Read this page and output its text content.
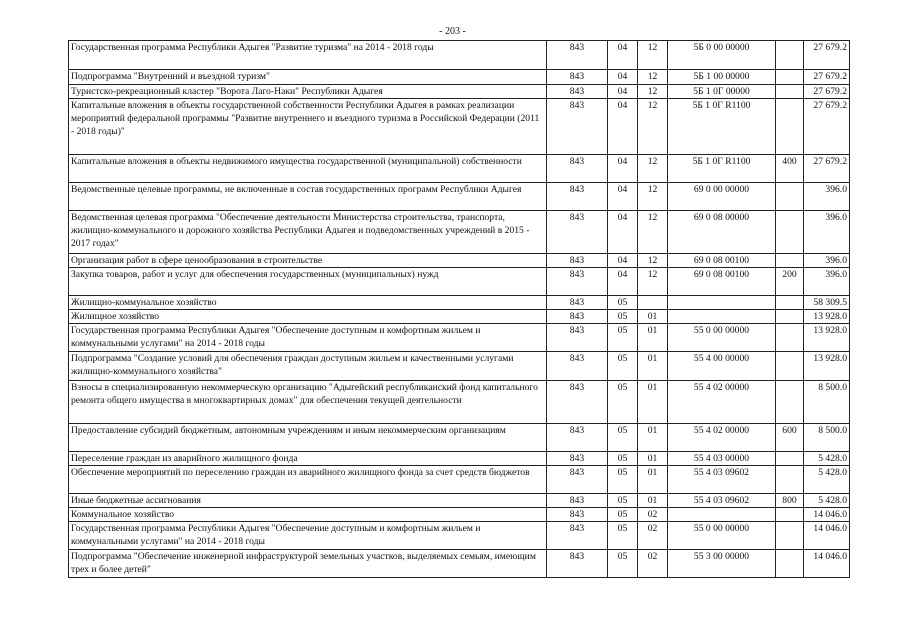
- 203 -
Государственная программа Республики Адыгея "Развитие туризма" на 2014 - 2018 годы	843	04	12	5Б 0 00 00000		27 679.2
Подпрограмма "Внутренний и въездной туризм"	843	04	12	5Б 1 00 00000		27 679.2
Туристско-рекреационный кластер "Ворота Лаго-Наки" Республики Адыгея	843	04	12	5Б 1 0Г 00000		27 679.2
Капитальные вложения в объекты государственной собственности Республики Адыгея в рамках реализации мероприятий федеральной программы "Развитие внутреннего и въездного туризма в Российской Федерации (2011 - 2018 годы)"	843	04	12	5Б 1 0Г R1100		27 679.2
Капитальные вложения в объекты недвижимого имущества государственной (муниципальной) собственности	843	04	12	5Б 1 0Г R1100	400	27 679.2
Ведомственные целевые программы, не включенные в состав государственных программ Республики Адыгея	843	04	12	69 0 00 00000		396.0
Ведомственная целевая программа "Обеспечение деятельности Министерства строительства, транспорта, жилищно-коммунального и дорожного хозяйства Республики Адыгея и подведомственных учреждений в 2015 - 2017 годах"	843	04	12	69 0 08 00000		396.0
Организация работ в сфере ценообразования в строительстве	843	04	12	69 0 08 00100		396.0
Закупка товаров, работ и услуг для обеспечения государственных (муниципальных) нужд	843	04	12	69 0 08 00100	200	396.0
Жилищно-коммунальное хозяйство	843	05				58 309.5
Жилищное хозяйство	843	05	01			13 928.0
Государственная программа Республики Адыгея "Обеспечение доступным и комфортным жильем и коммунальными услугами" на 2014 - 2018 годы	843	05	01	55 0 00 00000		13 928.0
Подпрограмма "Создание условий для обеспечения граждан доступным жильем и качественными услугами жилищно-коммунального хозяйства"	843	05	01	55 4 00 00000		13 928.0
Взносы в специализированную некоммерческую организацию "Адыгейский республиканский фонд капитального ремонта общего имущества в многоквартирных домах" для обеспечения текущей деятельности	843	05	01	55 4 02 00000		8 500.0
Предоставление субсидий бюджетным, автономным учреждениям и иным некоммерческим организациям	843	05	01	55 4 02 00000	600	8 500.0
Переселение граждан из аварийного жилищного фонда	843	05	01	55 4 03 00000		5 428.0
Обеспечение мероприятий по переселению граждан из аварийного жилищного фонда за счет средств бюджетов	843	05	01	55 4 03 09602		5 428.0
Иные бюджетные ассигнования	843	05	01	55 4 03 09602	800	5 428.0
Коммунальное хозяйство	843	05	02			14 046.0
Государственная программа Республики Адыгея "Обеспечение доступным и комфортным жильем и коммунальными услугами" на 2014 - 2018 годы	843	05	02	55 0 00 00000		14 046.0
Подпрограмма "Обеспечение инженерной инфраструктурой земельных участков, выделяемых семьям, имеющим трех и более детей"	843	05	02	55 3 00 00000		14 046.0
